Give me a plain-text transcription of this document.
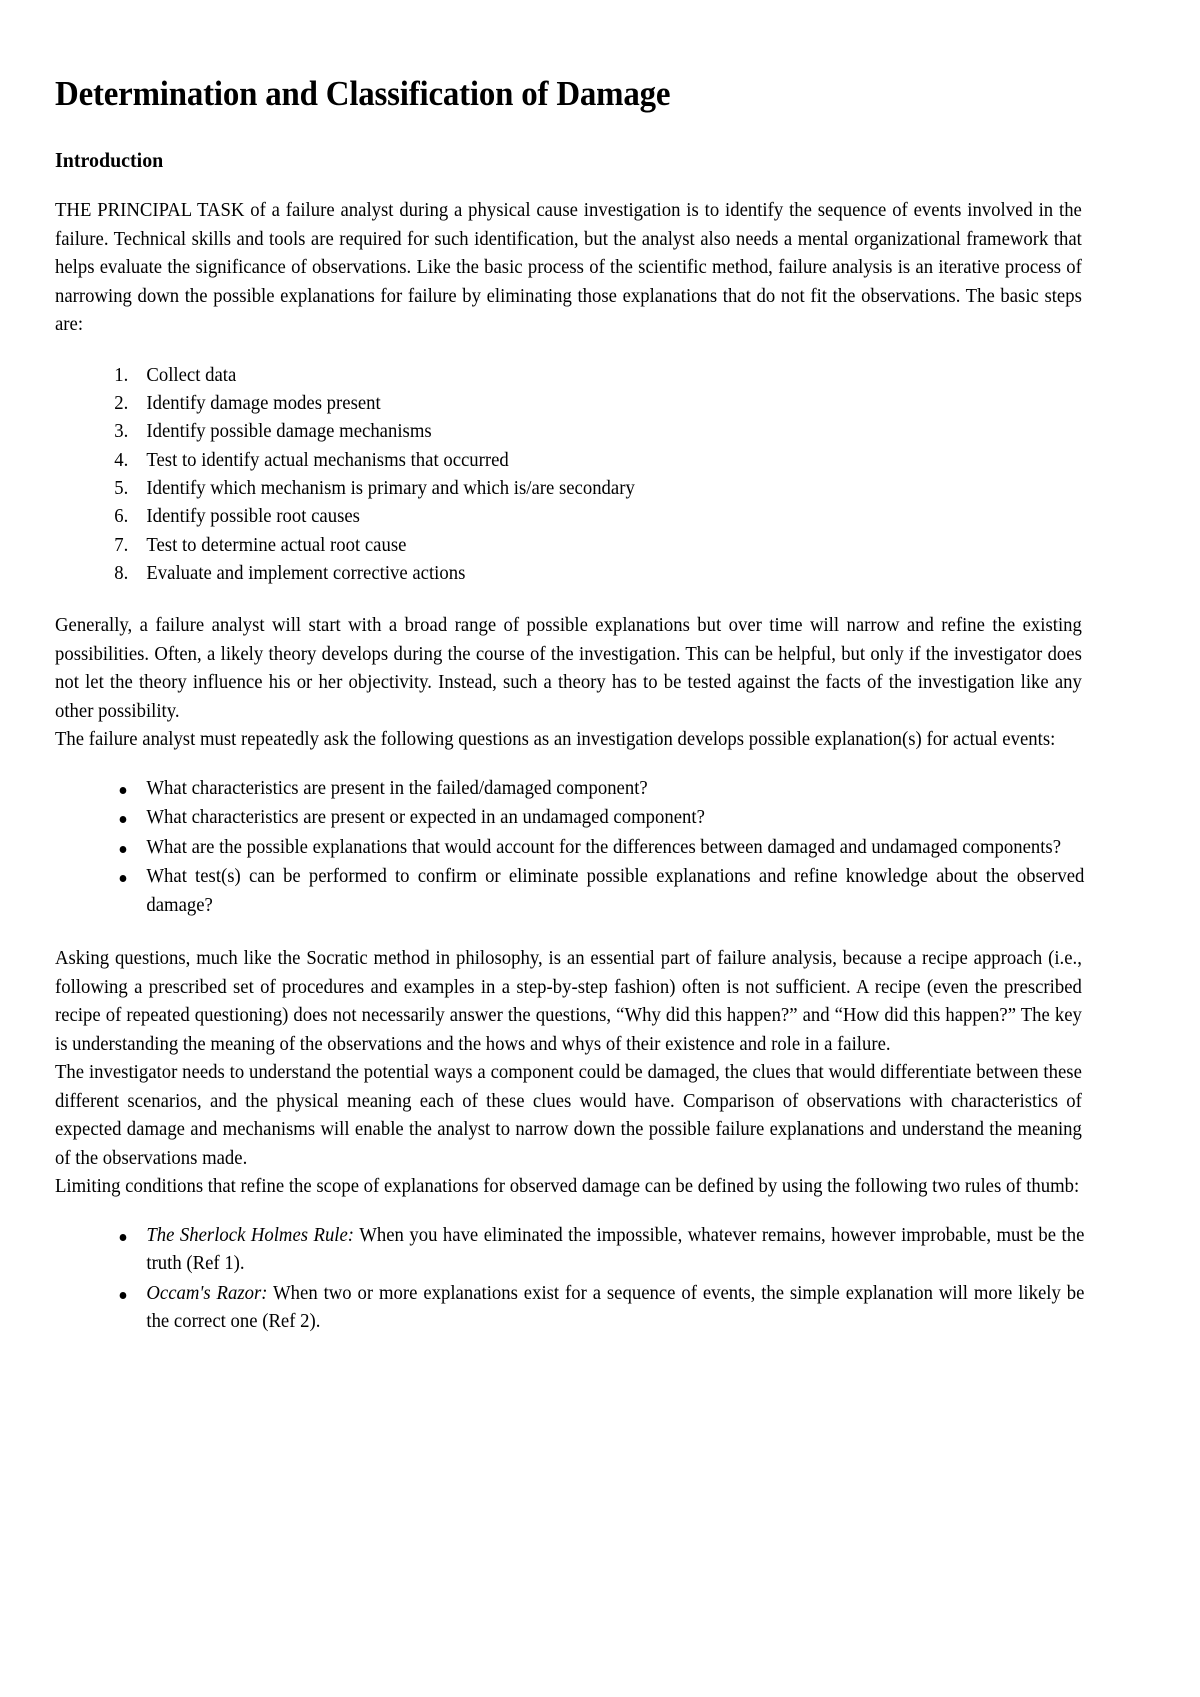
Determination and Classification of Damage
Introduction

THE PRINCIPAL TASK of a failure analyst during a physical cause investigation is to identify the sequence of events involved in the failure. Technical skills and tools are required for such identification, but the analyst also needs a mental organizational framework that helps evaluate the significance of observations. Like the basic process of the scientific method, failure analysis is an iterative process of narrowing down the possible explanations for failure by eliminating those explanations that do not fit the observations. The basic steps are:

1. Collect data
2. Identify damage modes present
3. Identify possible damage mechanisms
4. Test to identify actual mechanisms that occurred
5. Identify which mechanism is primary and which is/are secondary
6. Identify possible root causes
7. Test to determine actual root cause
8. Evaluate and implement corrective actions

Generally, a failure analyst will start with a broad range of possible explanations but over time will narrow and refine the existing possibilities. Often, a likely theory develops during the course of the investigation. This can be helpful, but only if the investigator does not let the theory influence his or her objectivity. Instead, such a theory has to be tested against the facts of the investigation like any other possibility.

The failure analyst must repeatedly ask the following questions as an investigation develops possible explanation(s) for actual events:

What characteristics are present in the failed/damaged component?
What characteristics are present or expected in an undamaged component?
What are the possible explanations that would account for the differences between damaged and undamaged components?
What test(s) can be performed to confirm or eliminate possible explanations and refine knowledge about the observed damage?

Asking questions, much like the Socratic method in philosophy, is an essential part of failure analysis, because a recipe approach (i.e., following a prescribed set of procedures and examples in a step-by-step fashion) often is not sufficient. A recipe (even the prescribed recipe of repeated questioning) does not necessarily answer the questions, “Why did this happen?” and “How did this happen?” The key is understanding the meaning of the observations and the hows and whys of their existence and role in a failure.

The investigator needs to understand the potential ways a component could be damaged, the clues that would differentiate between these different scenarios, and the physical meaning each of these clues would have. Comparison of observations with characteristics of expected damage and mechanisms will enable the analyst to narrow down the possible failure explanations and understand the meaning of the observations made.

Limiting conditions that refine the scope of explanations for observed damage can be defined by using the following two rules of thumb:

The Sherlock Holmes Rule: When you have eliminated the impossible, whatever remains, however improbable, must be the truth (Ref 1).
Occam's Razor: When two or more explanations exist for a sequence of events, the simple explanation will more likely be the correct one (Ref 2).
